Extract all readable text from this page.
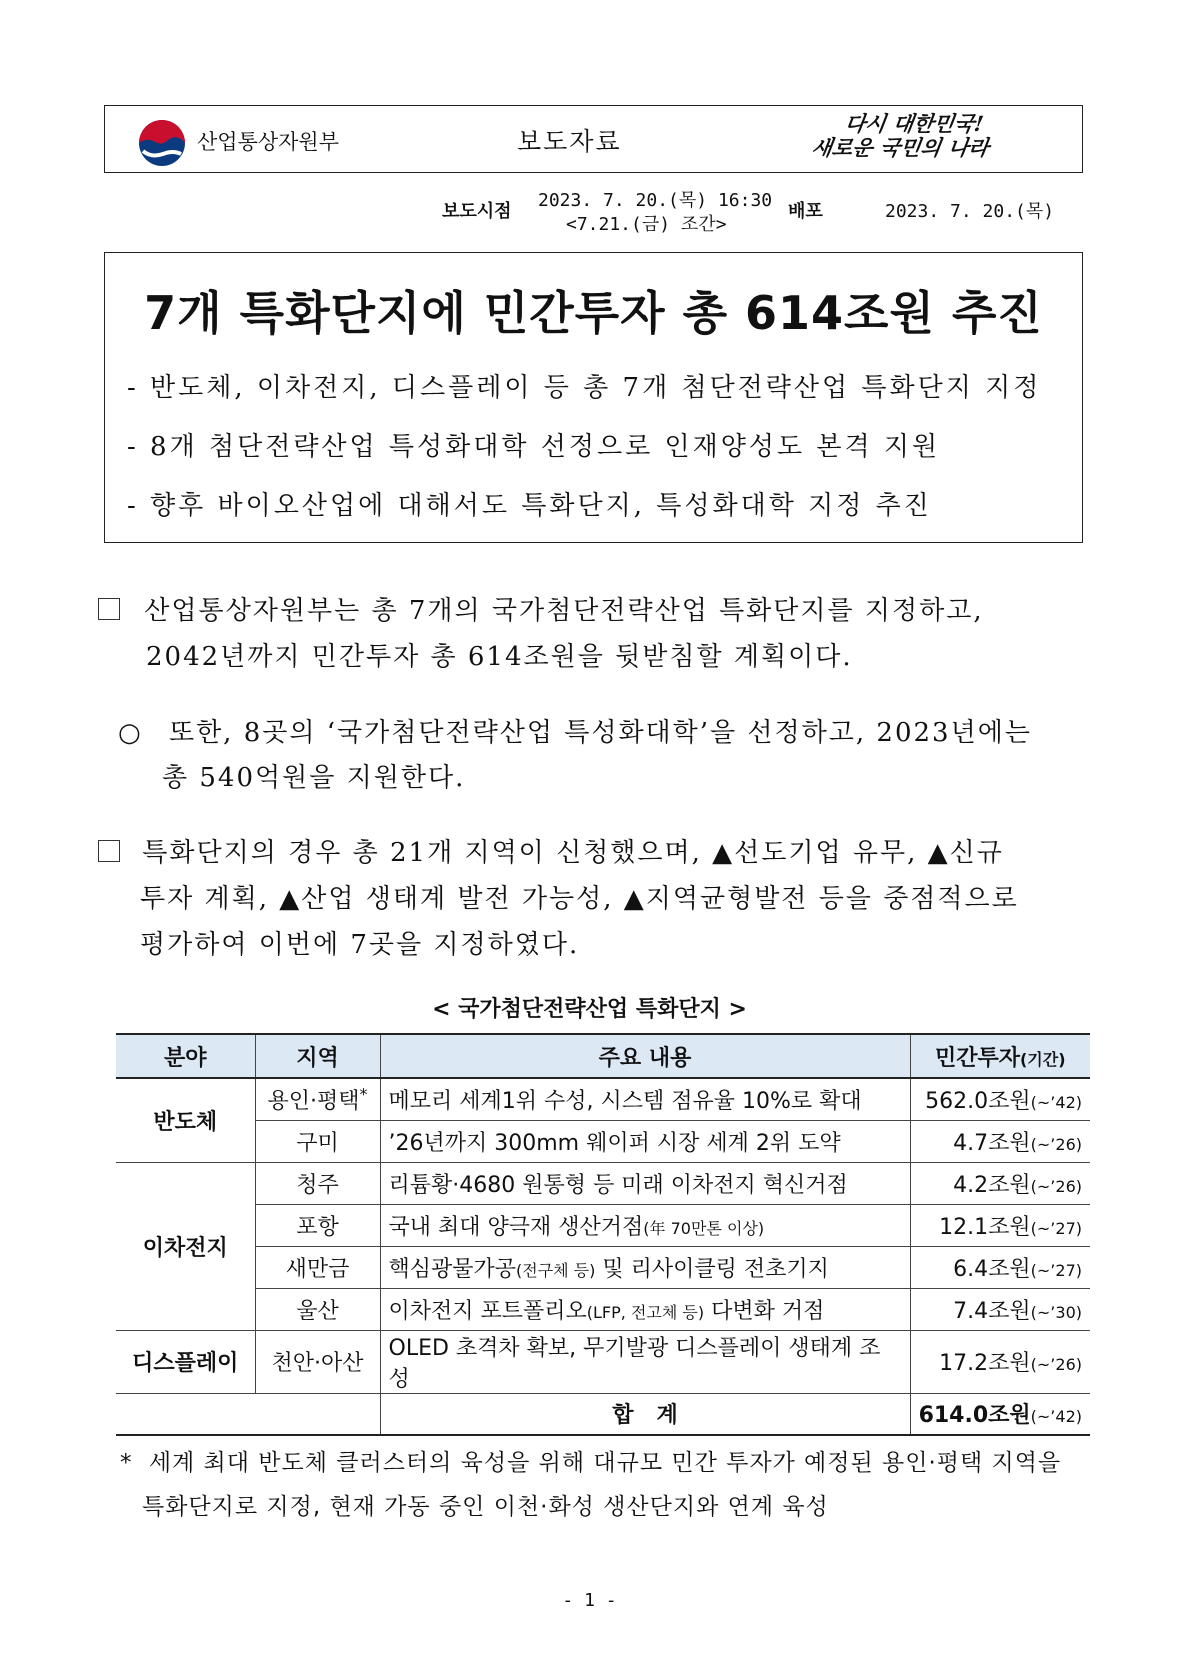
산업통상자원부	보도자료
다시 대한민국!
새로운 국민의 나라
보도시점
2023. 7. 20.(목) 16:30
<7.21.(금) 조간>
배포	2023. 7. 20.(목)
7개 특화단지에 민간투자 총 614조원 추진
- 반도체, 이차전지, 디스플레이 등 총 7개 첨단전략산업 특화단지 지정
- 8개 첨단전략산업 특성화대학 선정으로 인재양성도 본격 지원
- 향후 바이오산업에 대해서도 특화단지, 특성화대학 지정 추진
산업통상자원부는 총 7개의 국가첨단전략산업 특화단지를 지정하고,
2042년까지 민간투자 총 614조원을 뒷받침할 계획이다.
○ 또한, 8곳의 ‘국가첨단전략산업 특성화대학’을 선정하고, 2023년에는
총 540억원을 지원한다.
특화단지의 경우 총 21개 지역이 신청했으며, ▲선도기업 유무, ▲신규
투자 계획, ▲산업 생태계 발전 가능성, ▲지역균형발전 등을 중점적으로
평가하여 이번에 7곳을 지정하였다.
< 국가첨단전략산업 특화단지 >
분야	지역	주요 내용	민간투자(기간)
반도체	용인·평택*	메모리 세계1위 수성, 시스템 점유율 10%로 확대	562.0조원(~’42)
	구미	’26년까지 300mm 웨이퍼 시장 세계 2위 도약	4.7조원(~’26)
이차전지	청주	리튬황·4680 원통형 등 미래 이차전지 혁신거점	4.2조원(~’26)
	포항	국내 최대 양극재 생산거점(年 70만톤 이상)	12.1조원(~’27)
	새만금	핵심광물가공(전구체 등) 및 리사이클링 전초기지	6.4조원(~’27)
	울산	이차전지 포트폴리오(LFP, 전고체 등) 다변화 거점	7.4조원(~’30)
디스플레이	천안·아산	OLED 초격차 확보, 무기발광 디스플레이 생태계 조성	17.2조원(~’26)
		합   계	614.0조원(~’42)
* 세계 최대 반도체 클러스터의 육성을 위해 대규모 민간 투자가 예정된 용인·평택 지역을
특화단지로 지정, 현재 가동 중인 이천·화성 생산단지와 연계 육성
- 1 -
